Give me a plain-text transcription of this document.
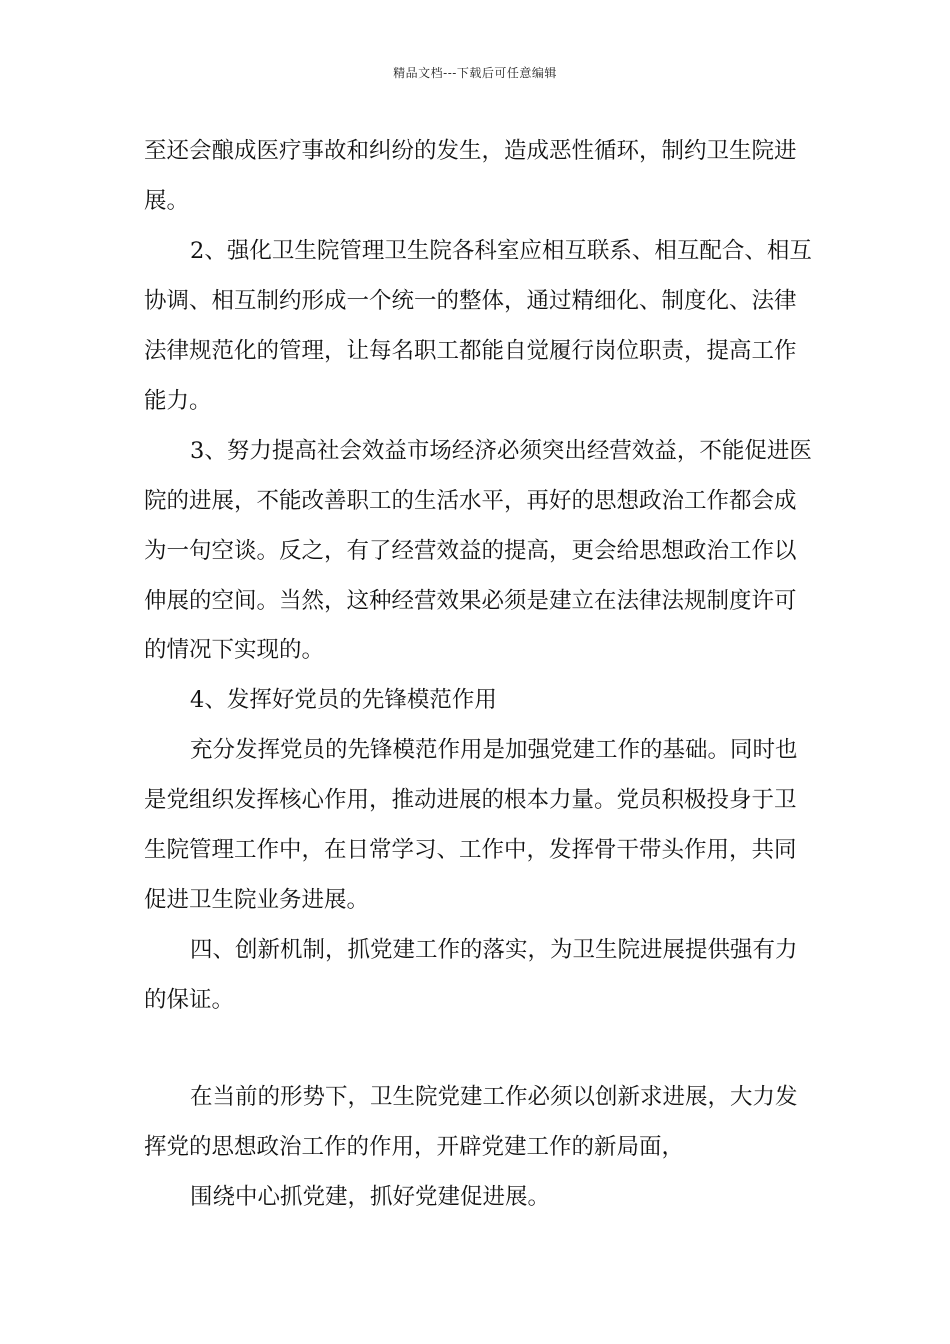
精品文档---下载后可任意编辑
至还会酿成医疗事故和纠纷的发生，造成恶性循环，制约卫生院进
展。
2、强化卫生院管理卫生院各科室应相互联系、相互配合、相互
协调、相互制约形成一个统一的整体，通过精细化、制度化、法律
法律规范化的管理，让每名职工都能自觉履行岗位职责，提高工作
能力。
3、努力提高社会效益市场经济必须突出经营效益，不能促进医
院的进展，不能改善职工的生活水平，再好的思想政治工作都会成
为一句空谈。反之，有了经营效益的提高，更会给思想政治工作以
伸展的空间。当然，这种经营效果必须是建立在法律法规制度许可
的情况下实现的。
4、发挥好党员的先锋模范作用
充分发挥党员的先锋模范作用是加强党建工作的基础。同时也
是党组织发挥核心作用，推动进展的根本力量。党员积极投身于卫
生院管理工作中，在日常学习、工作中，发挥骨干带头作用，共同
促进卫生院业务进展。
四、创新机制，抓党建工作的落实，为卫生院进展提供强有力
的保证。
在当前的形势下，卫生院党建工作必须以创新求进展，大力发
挥党的思想政治工作的作用，开辟党建工作的新局面，
围绕中心抓党建，抓好党建促进展。
